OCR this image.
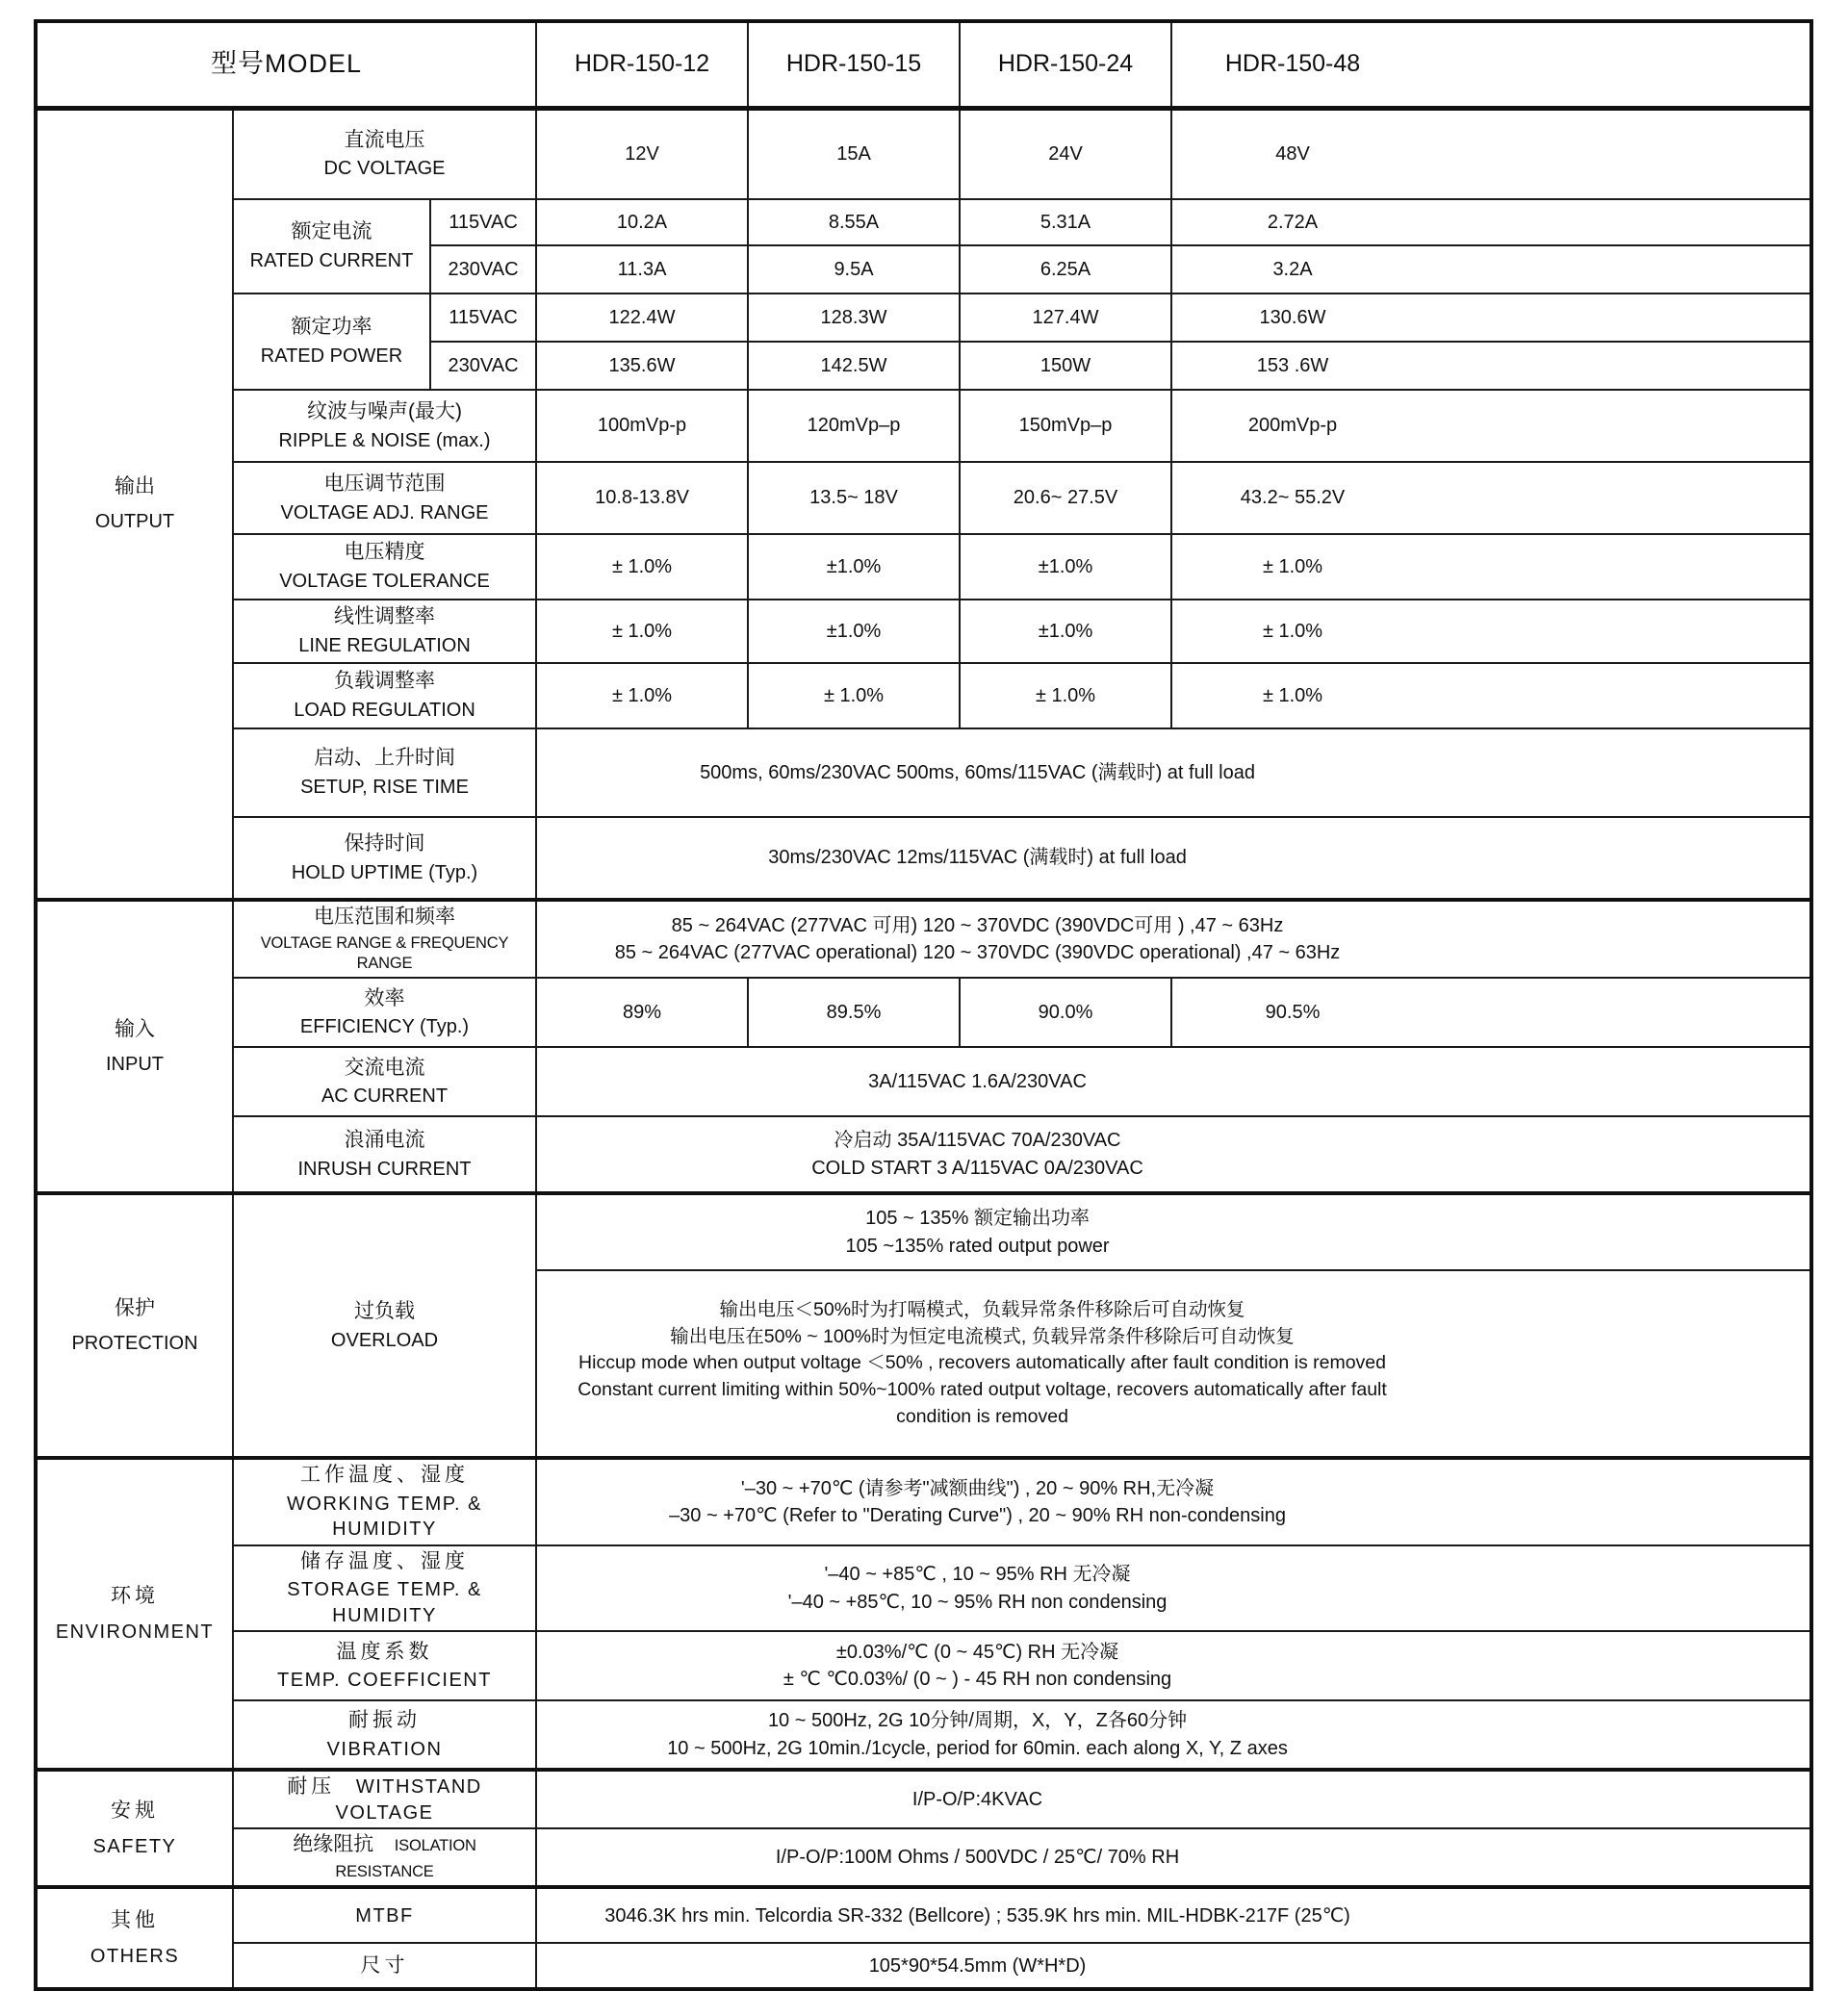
型号MODEL			HDR-150-12	HDR-150-15	HDR-150-24	HDR-150-48

输出
OUTPUT

直流电压
DC VOLTAGE
	12V	15A	24V	48V

	额定电流
RATED CURRENT	115VAC	10.2A	8.55A	5.31A	2.72A
		230VAC	11.3A	9.5A	6.25A	3.2A

	额定功率
RATED POWER	115VAC	122.4W	128.3W	127.4W	130.6W
		230VAC	135.6W	142.5W	150W	153 .6W

	纹波与噪声(最大)
RIPPLE & NOISE (max.)		100mVp-p	120mVp–p	150mVp–p	200mVp-p

	电压调节范围
VOLTAGE ADJ. RANGE		10.8-13.8V	13.5~ 18V	20.6~ 27.5V	43.2~ 55.2V

	电压精度
VOLTAGE TOLERANCE		± 1.0%	±1.0%	±1.0%	± 1.0%

	线性调整率
LINE REGULATION		± 1.0%	±1.0%	±1.0%	± 1.0%

	负载调整率
LOAD REGULATION		± 1.0%	± 1.0%	± 1.0%	± 1.0%

	启动、上升时间
SETUP, RISE TIME		500ms, 60ms/230VAC 500ms, 60ms/115VAC (满载时) at full load			

	保持时间
HOLD UPTIME (Typ.)		30ms/230VAC 12ms/115VAC (满载时) at full load			

输入
INPUT

电压范围和频率
VOLTAGE RANGE & FREQUENCY RANGE

85 ~ 264VAC (277VAC 可用) 120 ~ 370VDC (390VDC可用 ) ,47 ~ 63Hz
85 ~ 264VAC (277VAC operational) 120 ~ 370VDC (390VDC operational) ,47 ~ 63Hz

	效率
EFFICIENCY (Typ.)		89%	89.5%	90.0%	90.5%

	交流电流
AC CURRENT		3A/115VAC 1.6A/230VAC			

浪涌电流
INRUSH CURRENT

冷启动 35A/115VAC 70A/230VAC
COLD START 3 A/115VAC 0A/230VAC

保护
PROTECTION

过负载
OVERLOAD

105 ~ 135% 额定输出功率
105 ~135% rated output power

			输出电压＜50%时为打嗝模式，负载异常条件移除后可自动恢复
输出电压在50% ~ 100%时为恒定电流模式, 负载异常条件移除后可自动恢复
Hiccup mode when output voltage ＜50% , recovers automatically after fault condition is removed
Constant current limiting within 50%~100% rated output voltage, recovers automatically after fault
condition is removed			

环境
ENVIRONMENT

工作温度、湿度
WORKING TEMP. & HUMIDITY

'–30 ~ +70℃ (请参考"减额曲线") , 20 ~ 90% RH,无冷凝
–30 ~ +70℃ (Refer to "Derating Curve") , 20 ~ 90% RH non-condensing

储存温度、湿度
STORAGE TEMP. & HUMIDITY

'–40 ~ +85℃ , 10 ~ 95% RH 无冷凝
'–40 ~ +85℃, 10 ~ 95% RH non condensing

温度系数
TEMP. COEFFICIENT

±0.03%/℃ (0 ~ 45℃) RH 无冷凝
± ℃ ℃0.03%/ (0 ~ ) - 45 RH non condensing

耐振动
VIBRATION

10 ~ 500Hz, 2G 10分钟/周期，X，Y，Z各60分钟
10 ~ 500Hz, 2G 10min./1cycle, period for 60min. each along X, Y, Z axes

安规
SAFETY	耐压 WITHSTAND VOLTAGE		I/P-O/P:4KVAC			
	绝缘阻抗 ISOLATION RESISTANCE		I/P-O/P:100M Ohms / 500VDC / 25℃/ 70% RH			

其他
OTHERS	MTBF		3046.3K hrs min. Telcordia SR-332 (Bellcore) ; 535.9K hrs min. MIL-HDBK-217F (25℃)			
	尺寸		105*90*54.5mm (W*H*D)			
